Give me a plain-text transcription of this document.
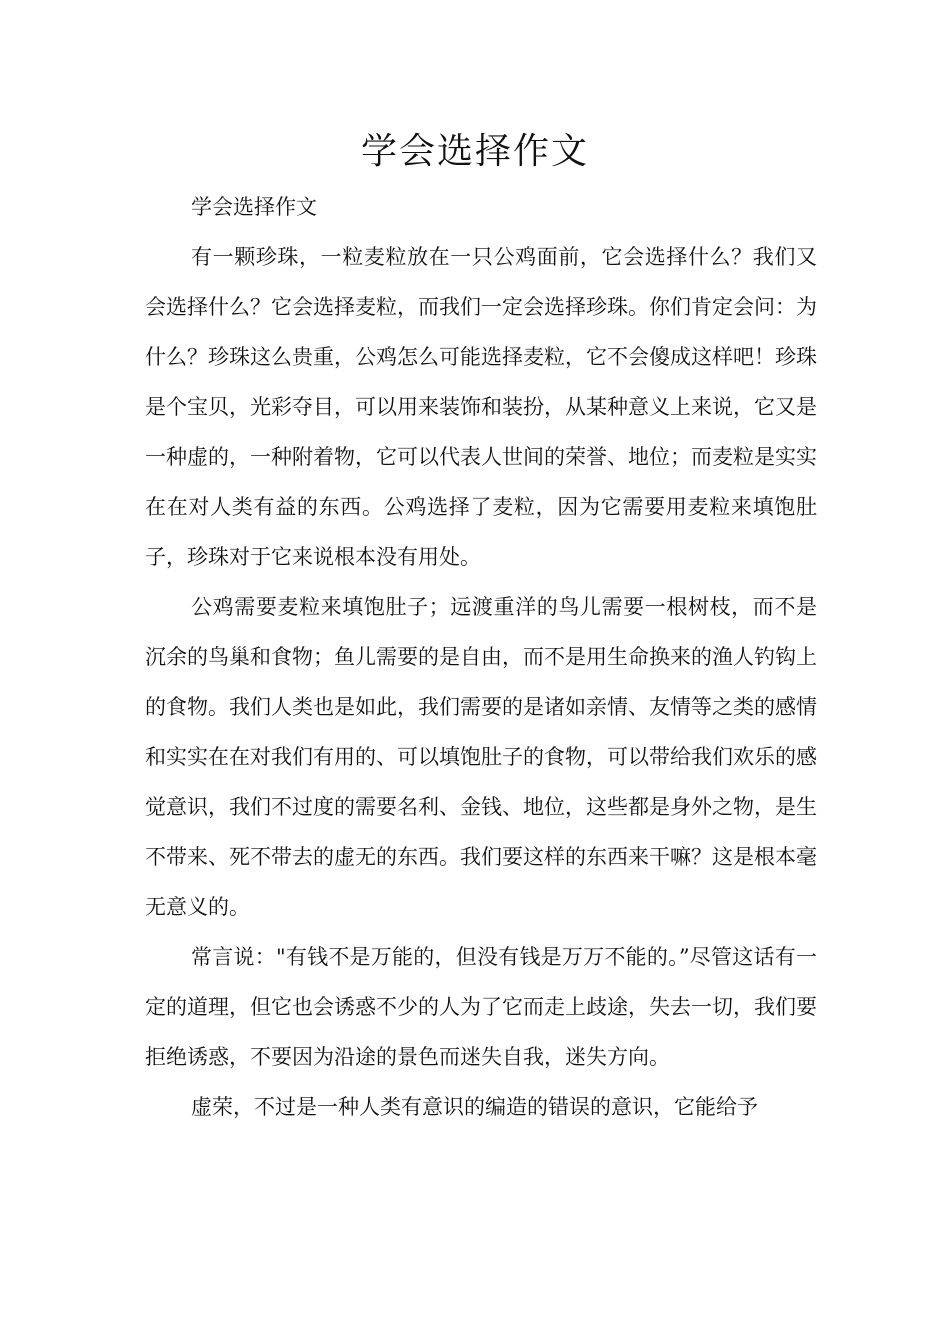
学会选择作文

学会选择作文

有一颗珍珠，一粒麦粒放在一只公鸡面前，它会选择什么？我们又会选择什么？它会选择麦粒，而我们一定会选择珍珠。你们肯定会问：为什么？珍珠这么贵重，公鸡怎么可能选择麦粒，它不会傻成这样吧！珍珠是个宝贝，光彩夺目，可以用来装饰和装扮，从某种意义上来说，它又是一种虚的，一种附着物，它可以代表人世间的荣誉、地位；而麦粒是实实在在对人类有益的东西。公鸡选择了麦粒，因为它需要用麦粒来填饱肚子，珍珠对于它来说根本没有用处。

公鸡需要麦粒来填饱肚子；远渡重洋的鸟儿需要一根树枝，而不是沉余的鸟巢和食物；鱼儿需要的是自由，而不是用生命换来的渔人钓钩上的食物。我们人类也是如此，我们需要的是诸如亲情、友情等之类的感情和实实在在对我们有用的、可以填饱肚子的食物，可以带给我们欢乐的感觉意识，我们不过度的需要名利、金钱、地位，这些都是身外之物，是生不带来、死不带去的虚无的东西。我们要这样的东西来干嘛？这是根本毫无意义的。

常言说："有钱不是万能的，但没有钱是万万不能的。”尽管这话有一定的道理，但它也会诱惑不少的人为了它而走上歧途，失去一切，我们要拒绝诱惑，不要因为沿途的景色而迷失自我，迷失方向。

虚荣，不过是一种人类有意识的编造的错误的意识，它能给予
